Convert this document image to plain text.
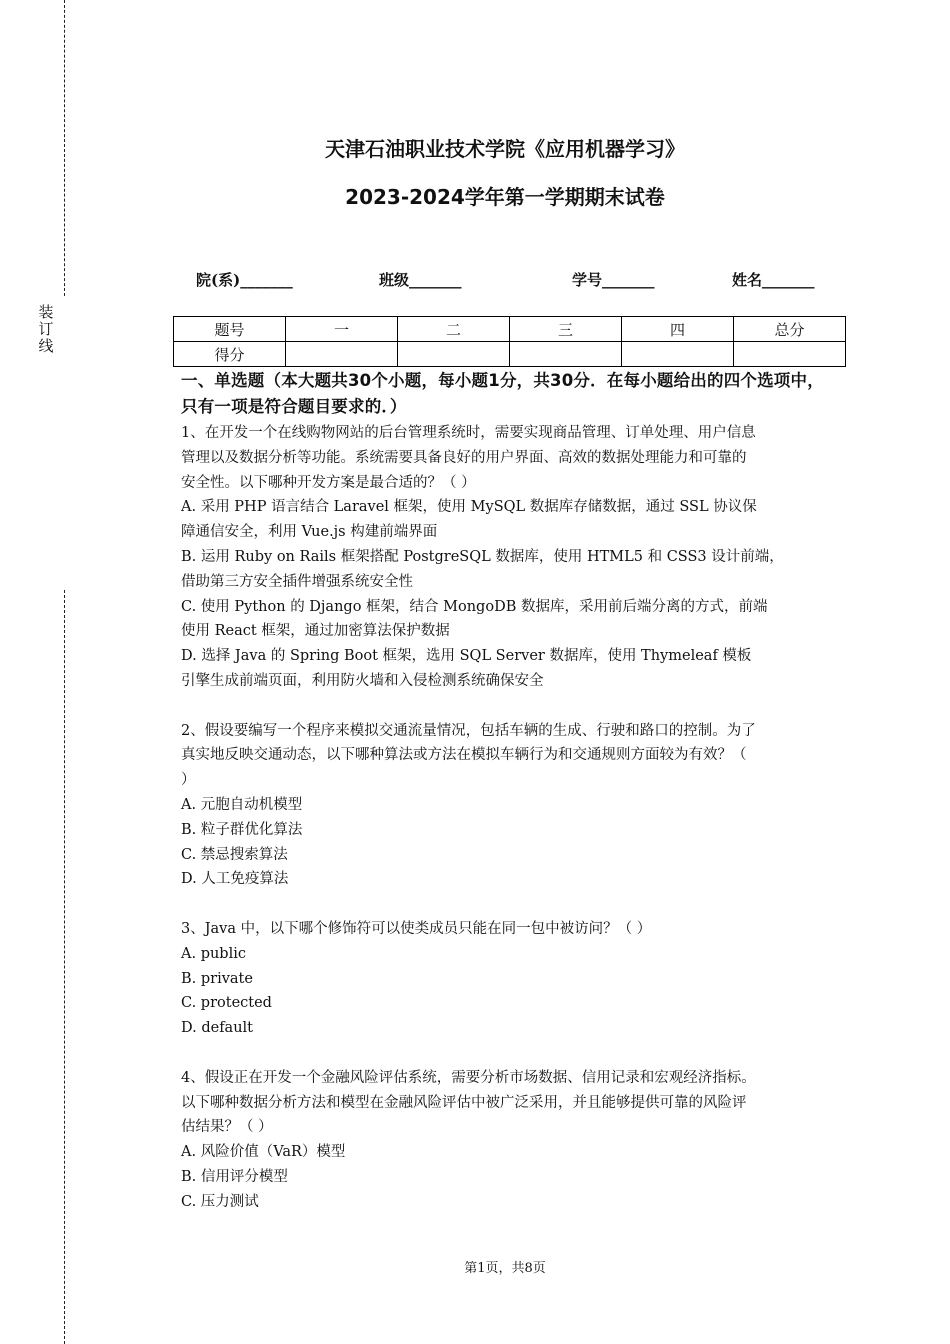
装
订
线
天津石油职业技术学院《应用机器学习》
2023-2024学年第一学期期末试卷
院(系)_______	班级_______	学号_______	姓名_______
题号	一	二	三	四	总分
得分					
一、单选题（本大题共30个小题，每小题1分，共30分．在每小题给出的四个选项中，只有一项是符合题目要求的．）

1、在开发一个在线购物网站的后台管理系统时，需要实现商品管理、订单处理、用户信息

管理以及数据分析等功能。系统需要具备良好的用户界面、高效的数据处理能力和可靠的

安全性。以下哪种开发方案是最合适的？（ ）

A. 采用 PHP 语言结合 Laravel 框架，使用 MySQL 数据库存储数据，通过 SSL 协议保

障通信安全，利用 Vue.js 构建前端界面

B. 运用 Ruby on Rails 框架搭配 PostgreSQL 数据库，使用 HTML5 和 CSS3 设计前端，

借助第三方安全插件增强系统安全性

C. 使用 Python 的 Django 框架，结合 MongoDB 数据库，采用前后端分离的方式，前端

使用 React 框架，通过加密算法保护数据

D. 选择 Java 的 Spring Boot 框架，选用 SQL Server 数据库，使用 Thymeleaf 模板

引擎生成前端页面，利用防火墙和入侵检测系统确保安全

2、假设要编写一个程序来模拟交通流量情况，包括车辆的生成、行驶和路口的控制。为了

真实地反映交通动态，以下哪种算法或方法在模拟车辆行为和交通规则方面较为有效？（

）

A. 元胞自动机模型

B. 粒子群优化算法

C. 禁忌搜索算法

D. 人工免疫算法

3、Java 中，以下哪个修饰符可以使类成员只能在同一包中被访问？（ ）

A. public

B. private

C. protected

D. default

4、假设正在开发一个金融风险评估系统，需要分析市场数据、信用记录和宏观经济指标。

以下哪种数据分析方法和模型在金融风险评估中被广泛采用，并且能够提供可靠的风险评

估结果？（ ）

A. 风险价值（VaR）模型

B. 信用评分模型

C. 压力测试

第1页，共8页
